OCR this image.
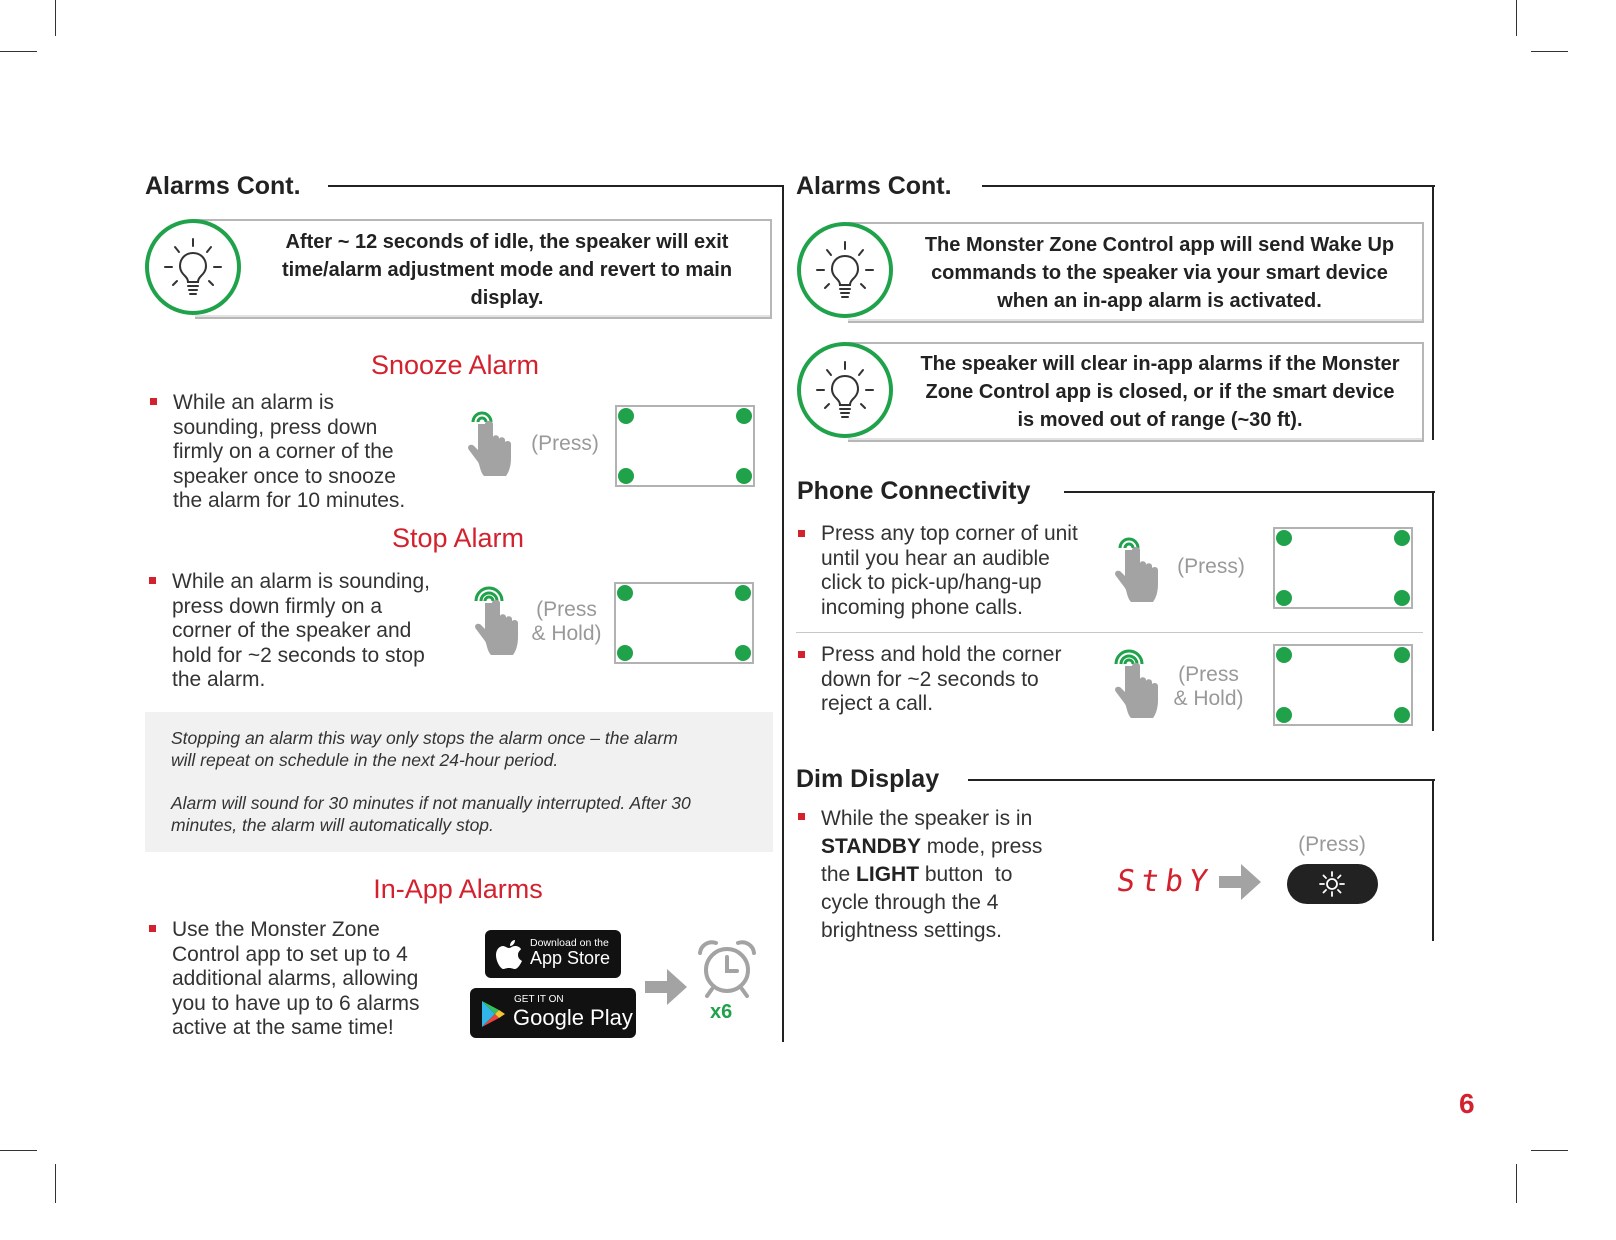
Alarms Cont.
After ~ 12 seconds of idle, the speaker will exit time/alarm adjustment mode and revert to main display.
Snooze Alarm
While an alarm is
sounding, press down
firmly on a corner of the
speaker once to snooze
the alarm for 10 minutes.
(Press)
Stop Alarm
While an alarm is sounding,
press down firmly on a
corner of the speaker and
hold for ~2 seconds to stop
the alarm.
(Press
& Hold)

Stopping an alarm this way only stops the alarm once – the alarm

will repeat on schedule in the next 24-hour period.

Alarm will sound for 30 minutes if not manually interrupted. After 30

minutes, the alarm will automatically stop.

In-App Alarms
Use the Monster Zone
Control app to set up to 4
additional alarms, allowing
you to have up to 6 alarms
active at the same time!
Download on the
App Store
GET IT ON
Google Play	x6
Alarms Cont.
The Monster Zone Control app will send Wake Up commands to the speaker via your smart device when an in-app alarm is activated.
The speaker will clear in-app alarms if the Monster Zone Control app is closed, or if the smart device is moved out of range (~30 ft).
Phone Connectivity
Press any top corner of unit
until you hear an audible
click to pick-up/hang-up
incoming phone calls.
(Press)
Press and hold the corner
down for ~2 seconds to
reject a call.
(Press
& Hold)
Dim Display
While the speaker is in
STANDBY mode, press
the LIGHT button  to
cycle through the 4
brightness settings.
StbY
(Press)
6
